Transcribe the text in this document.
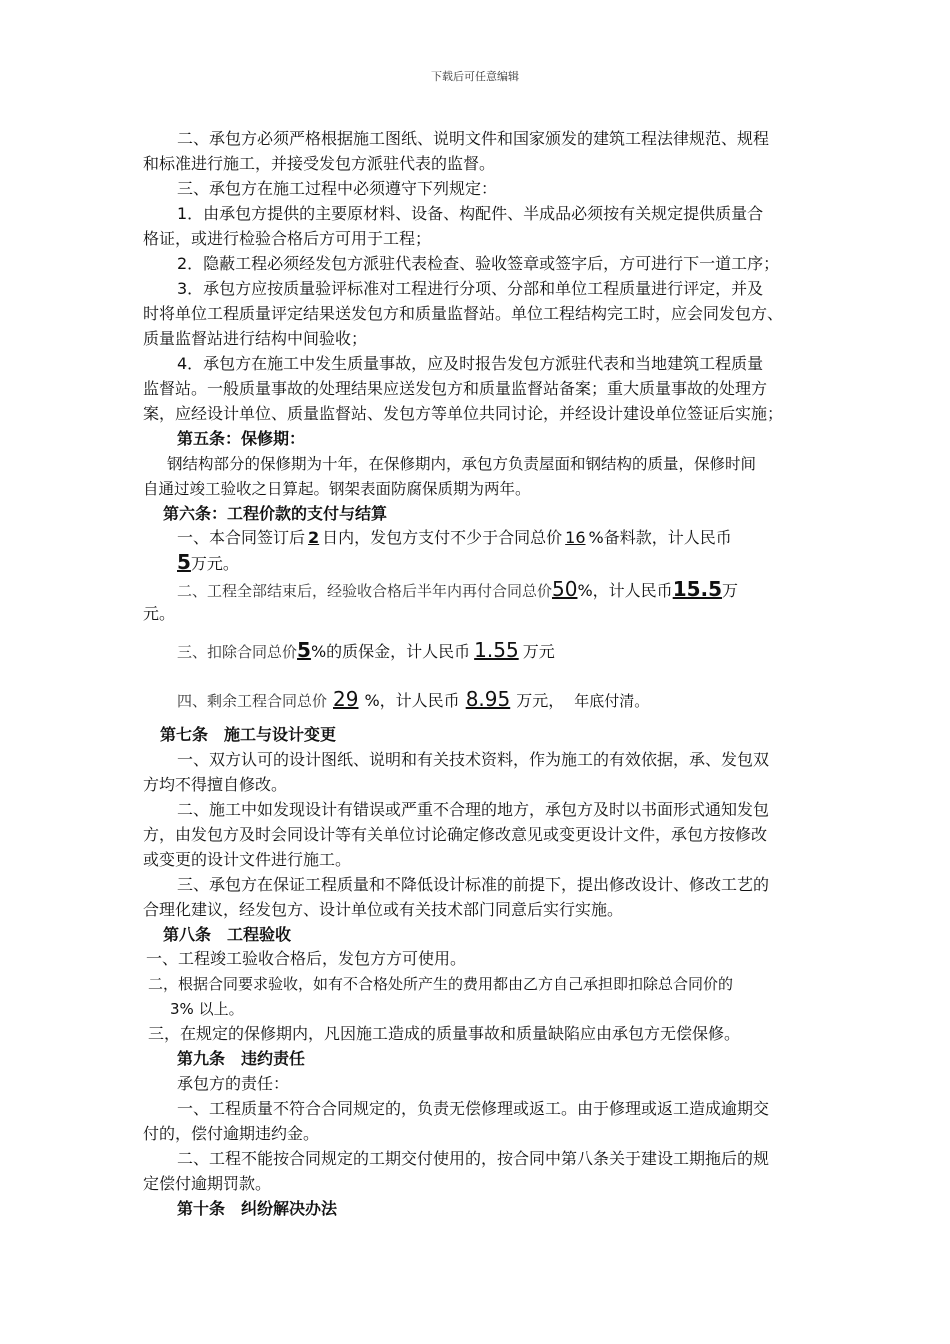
下载后可任意编辑
二、承包方必须严格根据施工图纸、说明文件和国家颁发的建筑工程法律规范、规程
和标准进行施工，并接受发包方派驻代表的监督。
三、承包方在施工过程中必须遵守下列规定：
1．由承包方提供的主要原材料、设备、构配件、半成品必须按有关规定提供质量合
格证，或进行检验合格后方可用于工程；
2．隐蔽工程必须经发包方派驻代表检查、验收签章或签字后，方可进行下一道工序；
3．承包方应按质量验评标准对工程进行分项、分部和单位工程质量进行评定，并及
时将单位工程质量评定结果送发包方和质量监督站。单位工程结构完工时，应会同发包方、
质量监督站进行结构中间验收；
4．承包方在施工中发生质量事故，应及时报告发包方派驻代表和当地建筑工程质量
监督站。一般质量事故的处理结果应送发包方和质量监督站备案；重大质量事故的处理方
案，应经设计单位、质量监督站、发包方等单位共同讨论，并经设计建设单位签证后实施；
第五条：保修期：
钢结构部分的保修期为十年，在保修期内，承包方负责屋面和钢结构的质量，保修时间
自通过竣工验收之日算起。钢架表面防腐保质期为两年。
第六条：工程价款的支付与结算
一、本合同签订后 2 日内，发包方支付不少于合同总价 16 %备料款，计人民币
5万元。
二、工程全部结束后，经验收合格后半年内再付合同总价50%，计人民币15.5万
元。
三、扣除合同总价5%的质保金，计人民币 1.55 万元
四、剩余工程合同总价 29 %，计人民币 8.95 万元， 年底付清。
第七条　施工与设计变更
一、双方认可的设计图纸、说明和有关技术资料，作为施工的有效依据，承、发包双
方均不得擅自修改。
二、施工中如发现设计有错误或严重不合理的地方，承包方及时以书面形式通知发包
方，由发包方及时会同设计等有关单位讨论确定修改意见或变更设计文件，承包方按修改
或变更的设计文件进行施工。
三、承包方在保证工程质量和不降低设计标准的前提下，提出修改设计、修改工艺的
合理化建议，经发包方、设计单位或有关技术部门同意后实行实施。
第八条　工程验收
一、工程竣工验收合格后，发包方方可使用。
二，根据合同要求验收，如有不合格处所产生的费用都由乙方自己承担即扣除总合同价的
3% 以上。
三，在规定的保修期内，凡因施工造成的质量事故和质量缺陷应由承包方无偿保修。
第九条　违约责任
承包方的责任：
一、工程质量不符合合同规定的，负责无偿修理或返工。由于修理或返工造成逾期交
付的，偿付逾期违约金。
二、工程不能按合同规定的工期交付使用的，按合同中第八条关于建设工期拖后的规
定偿付逾期罚款。
第十条　纠纷解决办法
